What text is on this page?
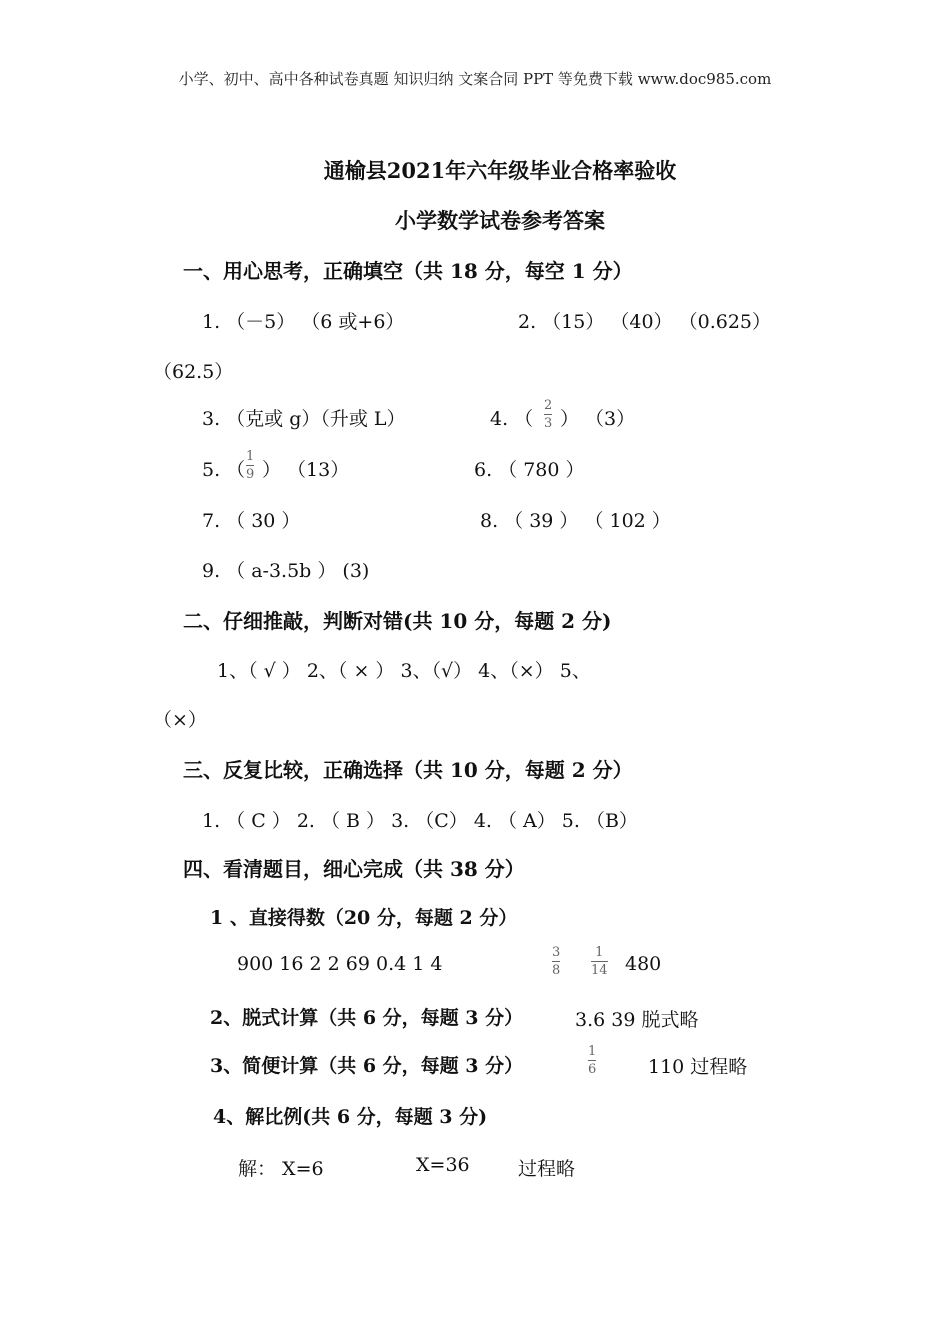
小学、初中、高中各种试卷真题 知识归纳 文案合同 PPT 等免费下载 www.doc985.com
通榆县2021年六年级毕业合格率验收
小学数学试卷参考答案
一、用心思考，正确填空（共 18 分，每空 1 分）
1. （－5） （6 或+6）	2. （15） （40） （0.625）
（62.5）
3. （克或 g）（升或 L）	4. （
2
3 ） （3）
5. （
1
9 ） （13）	6. （ 780 ）
7. （ 30 ）	8. （ 39 ） （ 102 ）
9. （ a-3.5b ） (3)
二、仔细推敲，判断对错(共 10 分，每题 2 分)
1、（ √ ） 2、（ × ） 3、（√） 4、（×） 5、
（×）
三、反复比较，正确选择（共 10 分，每题 2 分）
1. （ C ） 2. （ B ） 3. （C） 4. （ A） 5. （B）
四、看清题目，细心完成（共 38 分）
1 、直接得数（20 分，每题 2 分）
900 16 2 2 69 0.4 1 4
3
8
1
14 480
2、脱式计算（共 6 分，每题 3 分）	3.6 39 脱式略
3、简便计算（共 6 分，每题 3 分）
1
6	110 过程略
4、解比例(共 6 分，每题 3 分)
解： X=6	X=36	过程略
